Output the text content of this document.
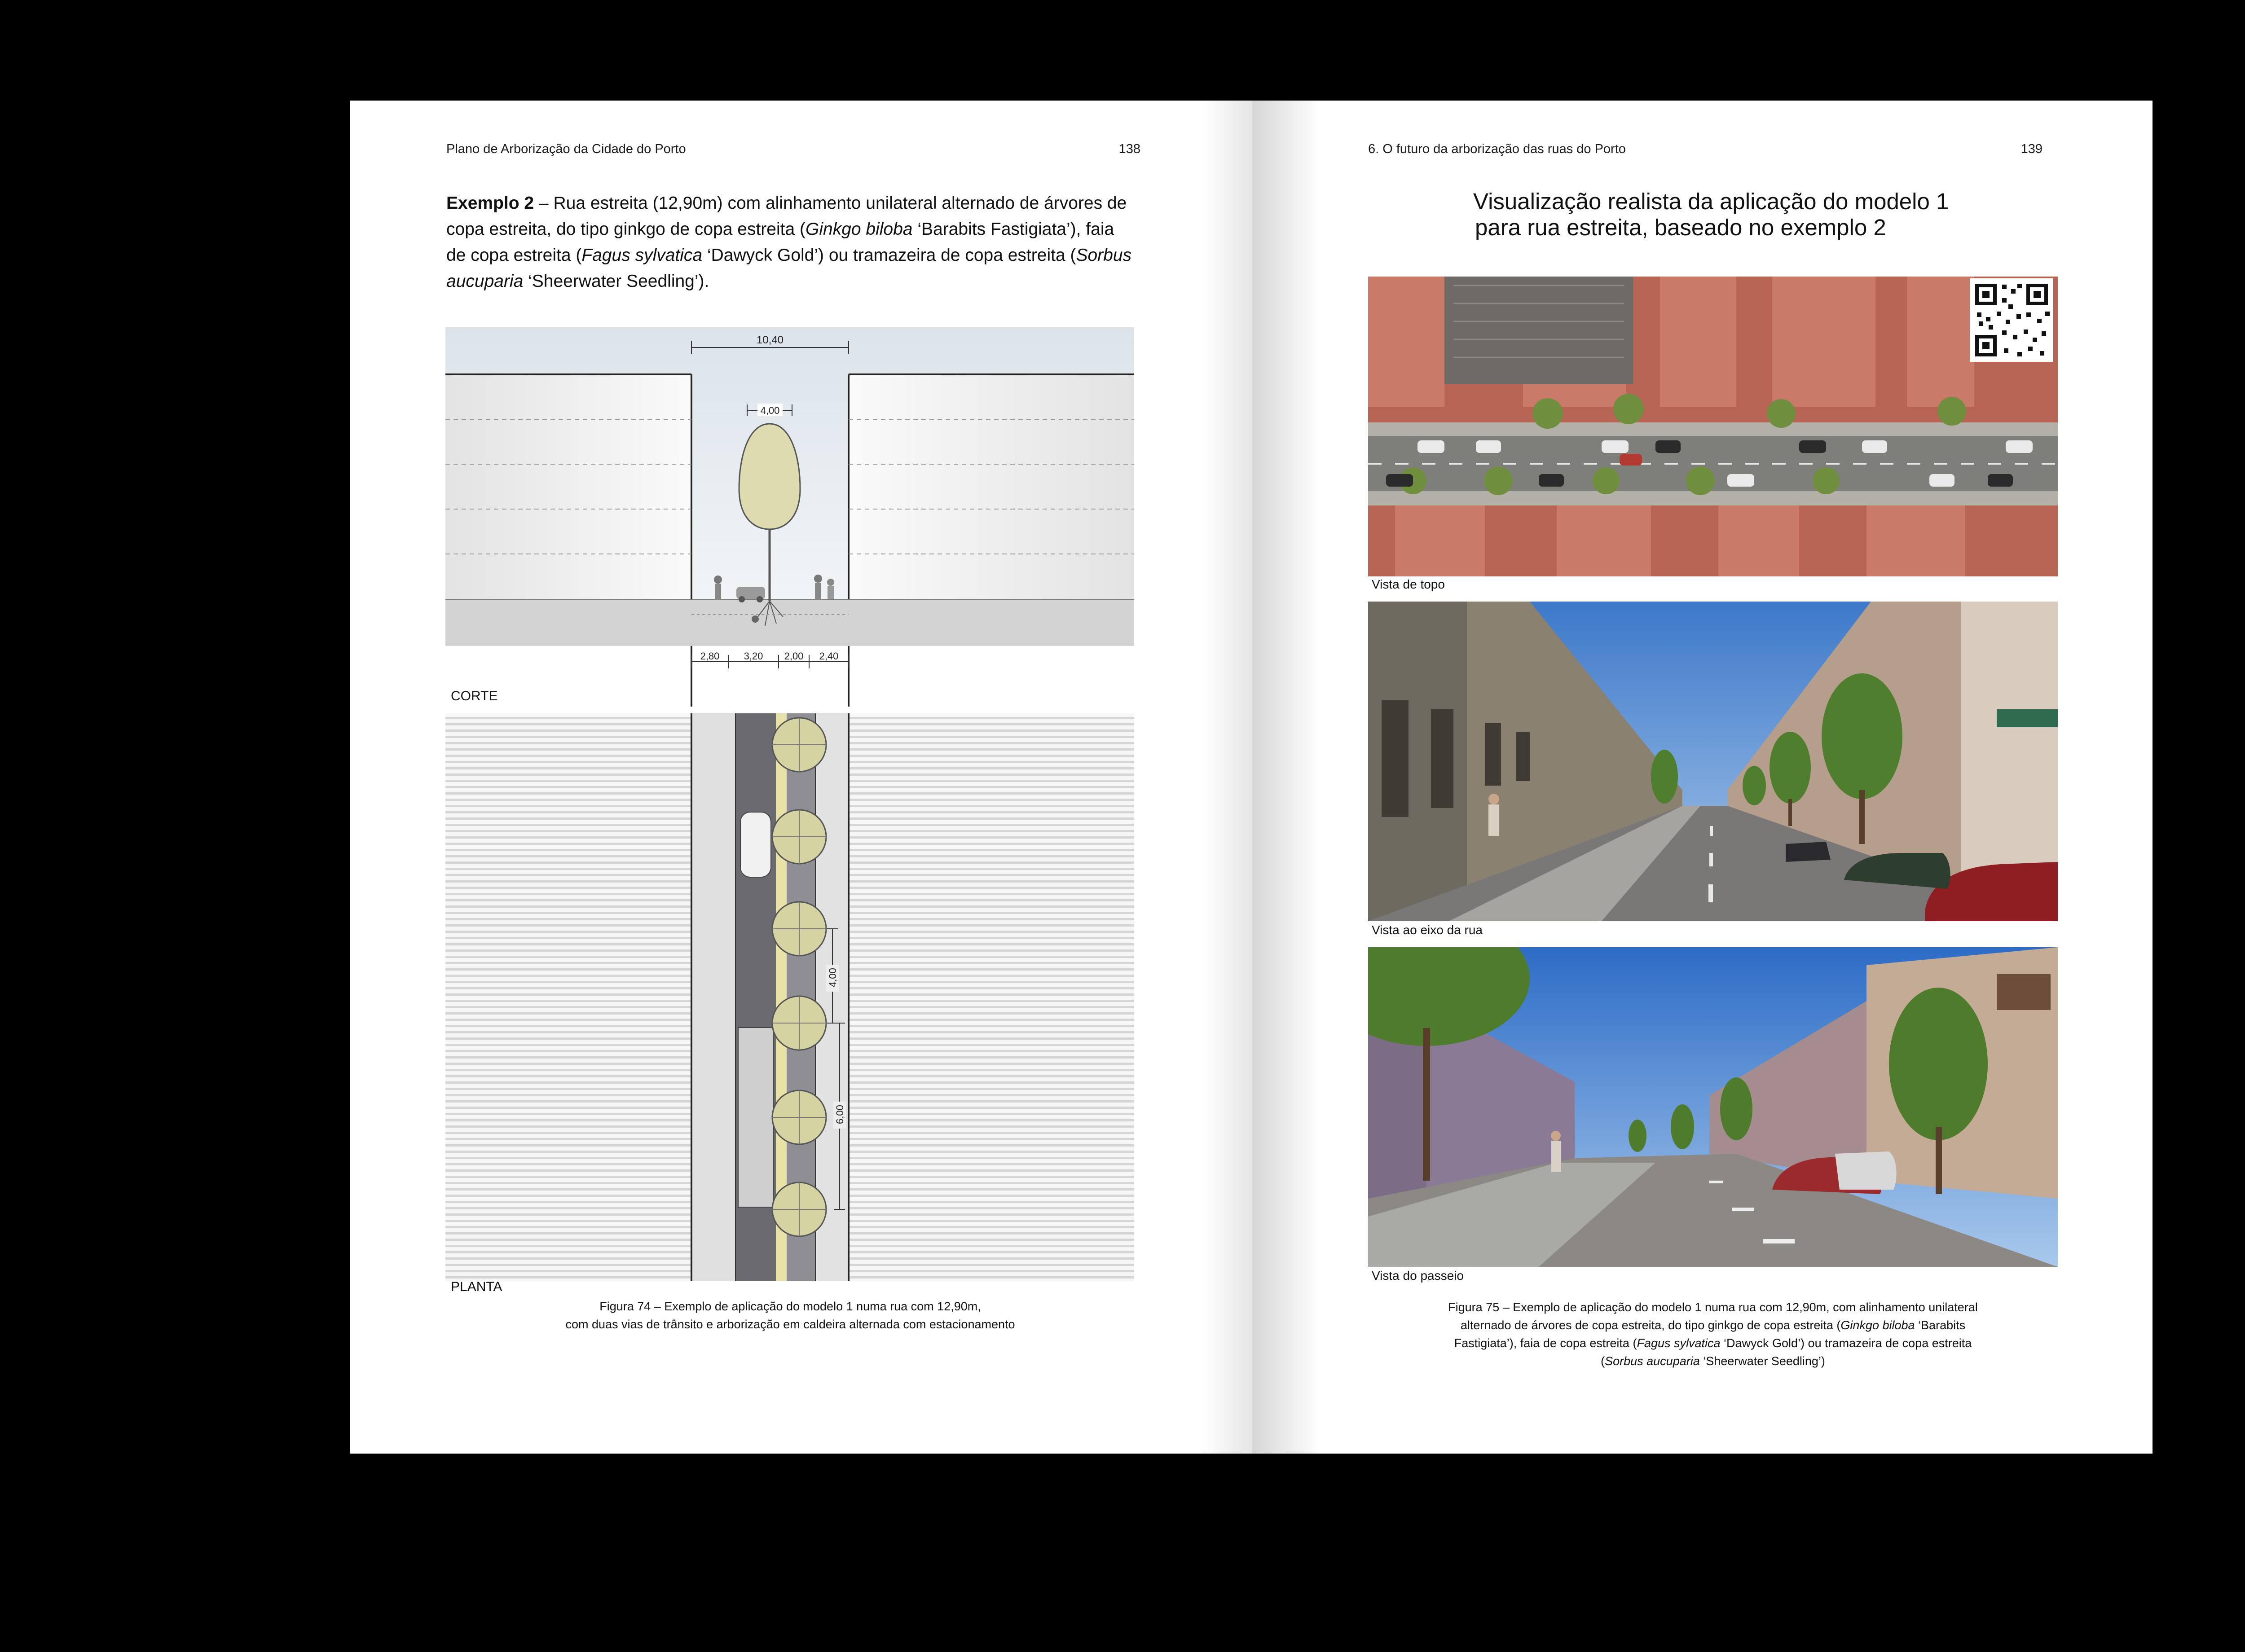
Plano de Arborização da Cidade do Porto	138
Exemplo 2 – Rua estreita (12,90m) com alinhamento unilateral alternado de árvores de copa estreita, do tipo ginkgo de copa estreita (Ginkgo biloba ‘Barabits Fastigiata’), faia de copa estreita (Fagus sylvatica ‘Dawyck Gold’) ou tramazeira de copa estreita (Sorbus aucuparia ‘Sheerwater Seedling’).
10,40
4,00
2,80 3,20 2,00 2,40
4,00
6,00
CORTE
PLANTA
Figura 74 – Exemplo de aplicação do modelo 1 numa rua com 12,90m,
com duas vias de trânsito e arborização em caldeira alternada com estacionamento
6. O futuro da arborização das ruas do Porto	139
Visualização realista da aplicação do modelo 1
para rua estreita, baseado no exemplo 2
Vista de topo
Vista ao eixo da rua
Vista do passeio
Figura 75 – Exemplo de aplicação do modelo 1 numa rua com 12,90m, com alinhamento unilateral
alternado de árvores de copa estreita, do tipo ginkgo de copa estreita (Ginkgo biloba ‘Barabits
Fastigiata’), faia de copa estreita (Fagus sylvatica ‘Dawyck Gold’) ou tramazeira de copa estreita
(Sorbus aucuparia ‘Sheerwater Seedling’)
